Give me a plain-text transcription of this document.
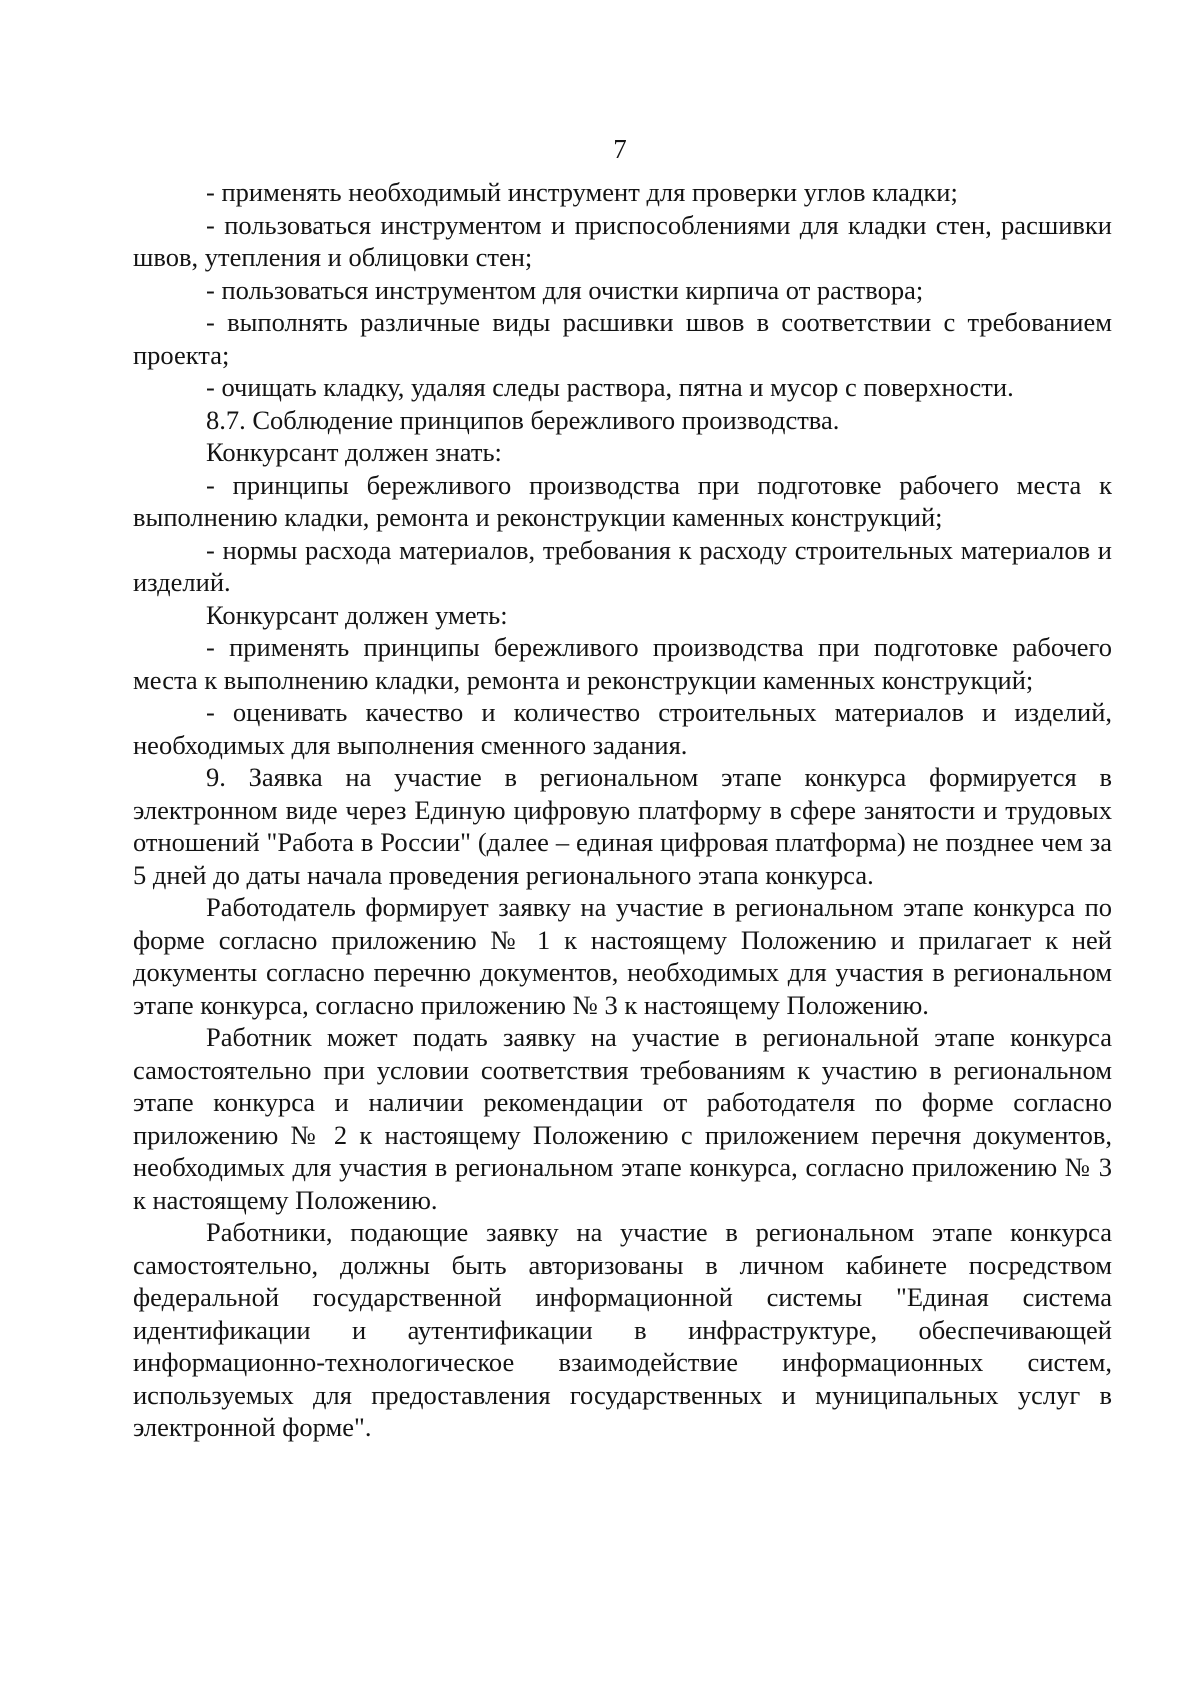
7

- применять необходимый инструмент для проверки углов кладки;

- пользоваться инструментом и приспособлениями для кладки стен, расшивки швов, утепления и облицовки стен;

- пользоваться инструментом для очистки кирпича от раствора;

- выполнять различные виды расшивки швов в соответствии с требованием проекта;

- очищать кладку, удаляя следы раствора, пятна и мусор с поверхности.

8.7. Соблюдение принципов бережливого производства.

Конкурсант должен знать:

- принципы бережливого производства при подготовке рабочего места к выполнению кладки, ремонта и реконструкции каменных конструкций;

- нормы расхода материалов, требования к расходу строительных материалов и изделий.

Конкурсант должен уметь:

- применять принципы бережливого производства при подготовке рабочего места к выполнению кладки, ремонта и реконструкции каменных конструкций;

- оценивать качество и количество строительных материалов и изделий, необходимых для выполнения сменного задания.

9. Заявка на участие в региональном этапе конкурса формируется в электронном виде через Единую цифровую платформу в сфере занятости и трудовых отношений "Работа в России" (далее – единая цифровая платформа) не позднее чем за 5 дней до даты начала проведения регионального этапа конкурса.

Работодатель формирует заявку на участие в региональном этапе конкурса по форме согласно приложению № 1 к настоящему Положению и прилагает к ней документы согласно перечню документов, необходимых для участия в региональном этапе конкурса, согласно приложению № 3 к настоящему Положению.

Работник может подать заявку на участие в региональной этапе конкурса самостоятельно при условии соответствия требованиям к участию в региональном этапе конкурса и наличии рекомендации от работодателя по форме согласно приложению № 2 к настоящему Положению с приложением перечня документов, необходимых для участия в региональном этапе конкурса, согласно приложению № 3 к настоящему Положению.

Работники, подающие заявку на участие в региональном этапе конкурса самостоятельно, должны быть авторизованы в личном кабинете посредством федеральной государственной информационной системы "Единая система идентификации и аутентификации в инфраструктуре, обеспечивающей информационно-технологическое взаимодействие информационных систем, используемых для предоставления государственных и муниципальных услуг в электронной форме".
